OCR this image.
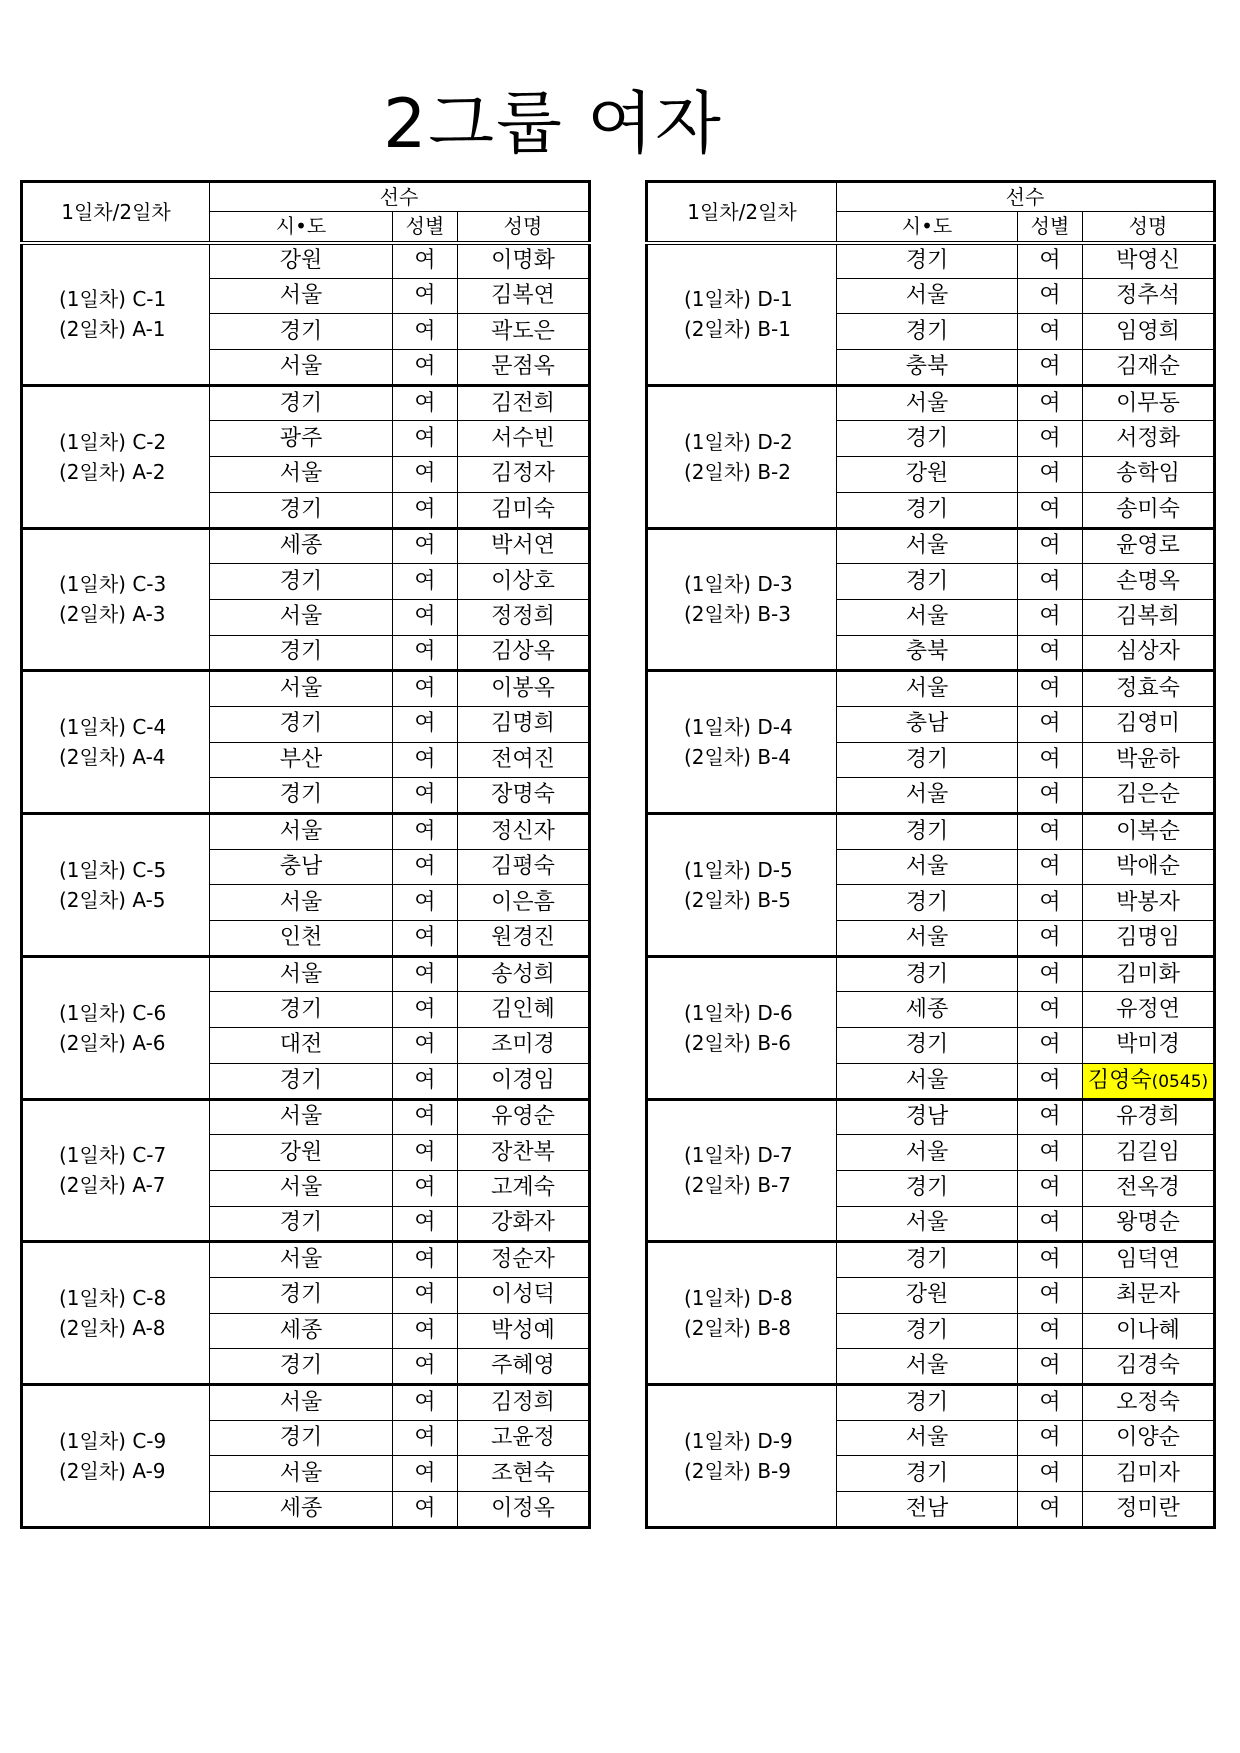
2그룹 여자
1일차/2일차	선수		
	시•도	성별	성명

(1일차) C-1
(2일차) A-1	강원	여	이명화
	서울	여	김복연
	경기	여	곽도은
	서울	여	문점옥

(1일차) C-2
(2일차) A-2	경기	여	김전희
	광주	여	서수빈
	서울	여	김정자
	경기	여	김미숙

(1일차) C-3
(2일차) A-3	세종	여	박서연
	경기	여	이상호
	서울	여	정정희
	경기	여	김상옥

(1일차) C-4
(2일차) A-4	서울	여	이봉옥
	경기	여	김명희
	부산	여	전여진
	경기	여	장명숙

(1일차) C-5
(2일차) A-5	서울	여	정신자
	충남	여	김평숙
	서울	여	이은흠
	인천	여	원경진

(1일차) C-6
(2일차) A-6	서울	여	송성희
	경기	여	김인혜
	대전	여	조미경
	경기	여	이경임

(1일차) C-7
(2일차) A-7	서울	여	유영순
	강원	여	장찬복
	서울	여	고계숙
	경기	여	강화자

(1일차) C-8
(2일차) A-8	서울	여	정순자
	경기	여	이성덕
	세종	여	박성예
	경기	여	주혜영

(1일차) C-9
(2일차) A-9	서울	여	김정희
	경기	여	고윤정
	서울	여	조현숙
	세종	여	이정옥
1일차/2일차	선수		
	시•도	성별	성명

(1일차) D-1
(2일차) B-1	경기	여	박영신
	서울	여	정추석
	경기	여	임영희
	충북	여	김재순

(1일차) D-2
(2일차) B-2	서울	여	이무동
	경기	여	서정화
	강원	여	송학임
	경기	여	송미숙

(1일차) D-3
(2일차) B-3	서울	여	윤영로
	경기	여	손명옥
	서울	여	김복희
	충북	여	심상자

(1일차) D-4
(2일차) B-4	서울	여	정효숙
	충남	여	김영미
	경기	여	박윤하
	서울	여	김은순

(1일차) D-5
(2일차) B-5	경기	여	이복순
	서울	여	박애순
	경기	여	박봉자
	서울	여	김명임

(1일차) D-6
(2일차) B-6	경기	여	김미화
	세종	여	유정연
	경기	여	박미경
	서울	여	김영숙(0545)

(1일차) D-7
(2일차) B-7	경남	여	유경희
	서울	여	김길임
	경기	여	전옥경
	서울	여	왕명순

(1일차) D-8
(2일차) B-8	경기	여	임덕연
	강원	여	최문자
	경기	여	이나혜
	서울	여	김경숙

(1일차) D-9
(2일차) B-9	경기	여	오정숙
	서울	여	이양순
	경기	여	김미자
	전남	여	정미란
